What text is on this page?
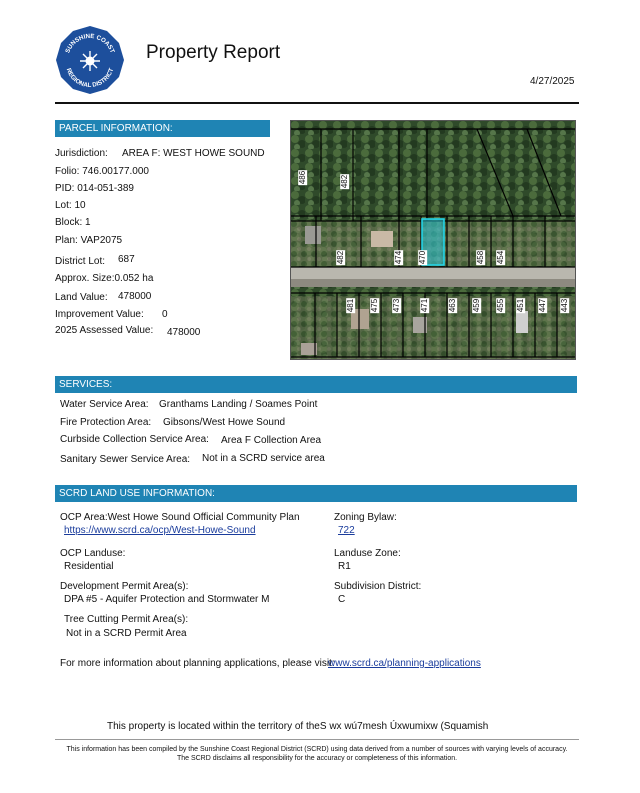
SUNSHINE COAST
REGIONAL DISTRICT
Property Report
4/27/2025
PARCEL INFORMATION:
Jurisdiction: AREA F: WEST HOWE SOUND
Folio: 746.00177.000
PID: 014-051-389
Lot: 10
Block: 1
Plan: VAP2075
District Lot: 687
Approx. Size:0.052 ha
Land Value: 478000
Improvement Value: 0
2025 Assessed Value: 478000
486	482
482	474 470	458 454
481 475 473 471 463 459 455 451 447 443
SERVICES:
Water Service Area: Granthams Landing / Soames Point
Fire Protection Area: Gibsons/West Howe Sound
Curbside Collection Service Area: Area F Collection Area
Sanitary Sewer Service Area: Not in a SCRD service area
SCRD LAND USE INFORMATION:
OCP Area:West Howe Sound Official Community Plan
https://www.scrd.ca/ocp/West-Howe-Sound
Zoning Bylaw:
722
OCP Landuse:
Residential
Landuse Zone:
R1
Development Permit Area(s):
DPA #5 - Aquifer Protection and Stormwater M
Subdivision District:
C
Tree Cutting Permit Area(s):
Not in a SCRD Permit Area
For more information about planning applications, please visit:
www.scrd.ca/planning-applications
This property is located within the territory of theS wx wú7mesh Úxwumixw (Squamish
This information has been compiled by the Sunshine Coast Regional District (SCRD) using data derived from a number of sources with varying levels of accuracy. The SCRD disclaims all responsibility for the accuracy or completeness of this information.
